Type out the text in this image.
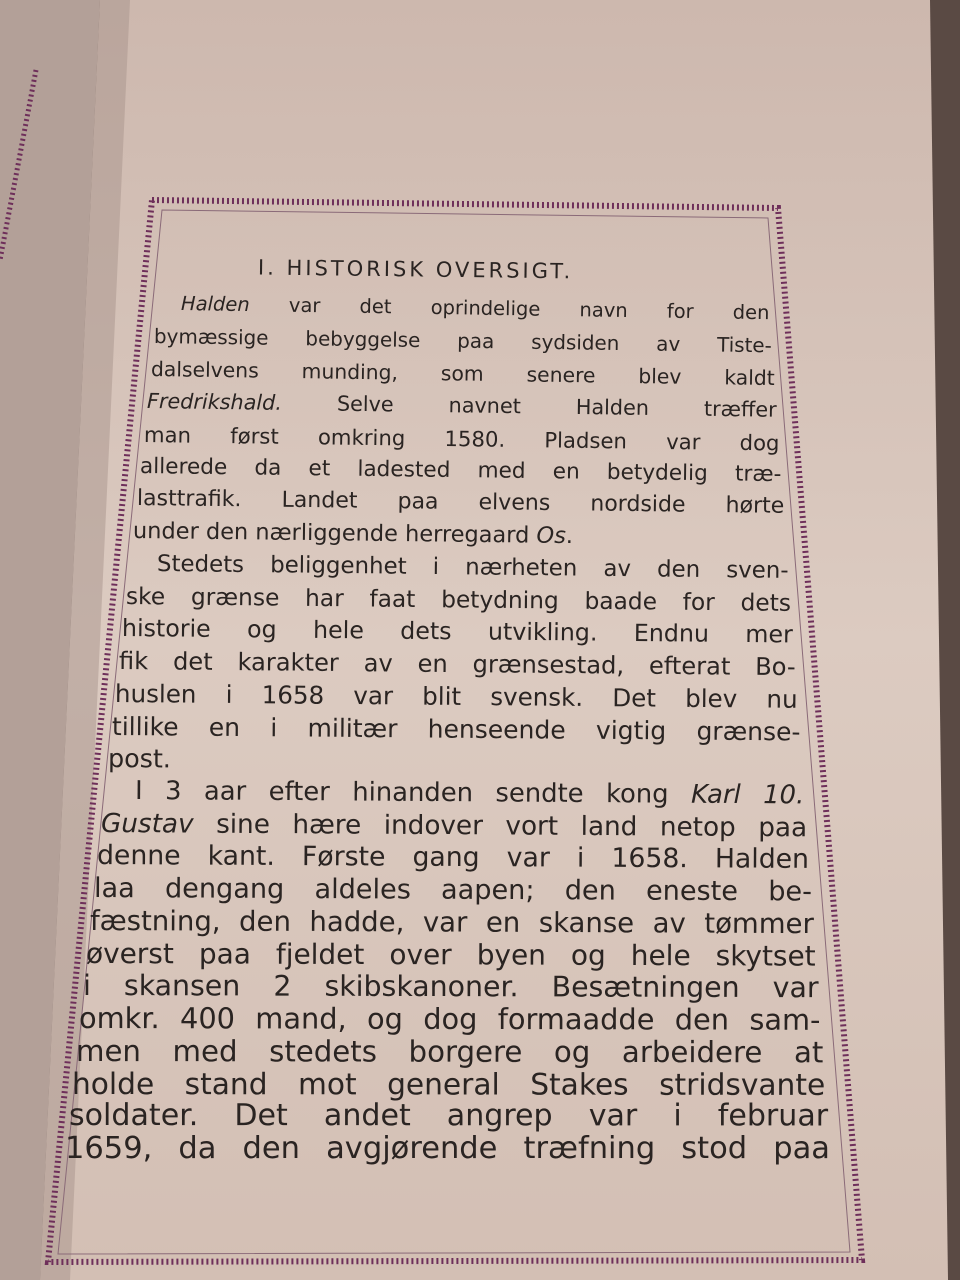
I. HISTORISK OVERSIGT.
Halden var det oprindelige navn for den
bymæssige bebyggelse paa sydsiden av Tiste-
dalselvens munding, som senere blev kaldt
Fredrikshald. Selve navnet Halden træffer
man først omkring 1580. Pladsen var dog
allerede da et ladested med en betydelig træ-
lasttrafik. Landet paa elvens nordside hørte
under den nærliggende herregaard Os.
Stedets beliggenhet i nærheten av den sven-
ske grænse har faat betydning baade for dets
historie og hele dets utvikling. Endnu mer
fik det karakter av en grænsestad, efterat Bo-
huslen i 1658 var blit svensk. Det blev nu
tillike en i militær henseende vigtig grænse-
post.
I 3 aar efter hinanden sendte kong Karl 10.
Gustav sine hære indover vort land netop paa
denne kant. Første gang var i 1658. Halden
laa dengang aldeles aapen; den eneste be-
fæstning, den hadde, var en skanse av tømmer
øverst paa fjeldet over byen og hele skytset
i skansen 2 skibskanoner. Besætningen var
omkr. 400 mand, og dog formaadde den sam-
men med stedets borgere og arbeidere at
holde stand mot general Stakes stridsvante
soldater. Det andet angrep var i februar
1659, da den avgjørende træfning stod paa
